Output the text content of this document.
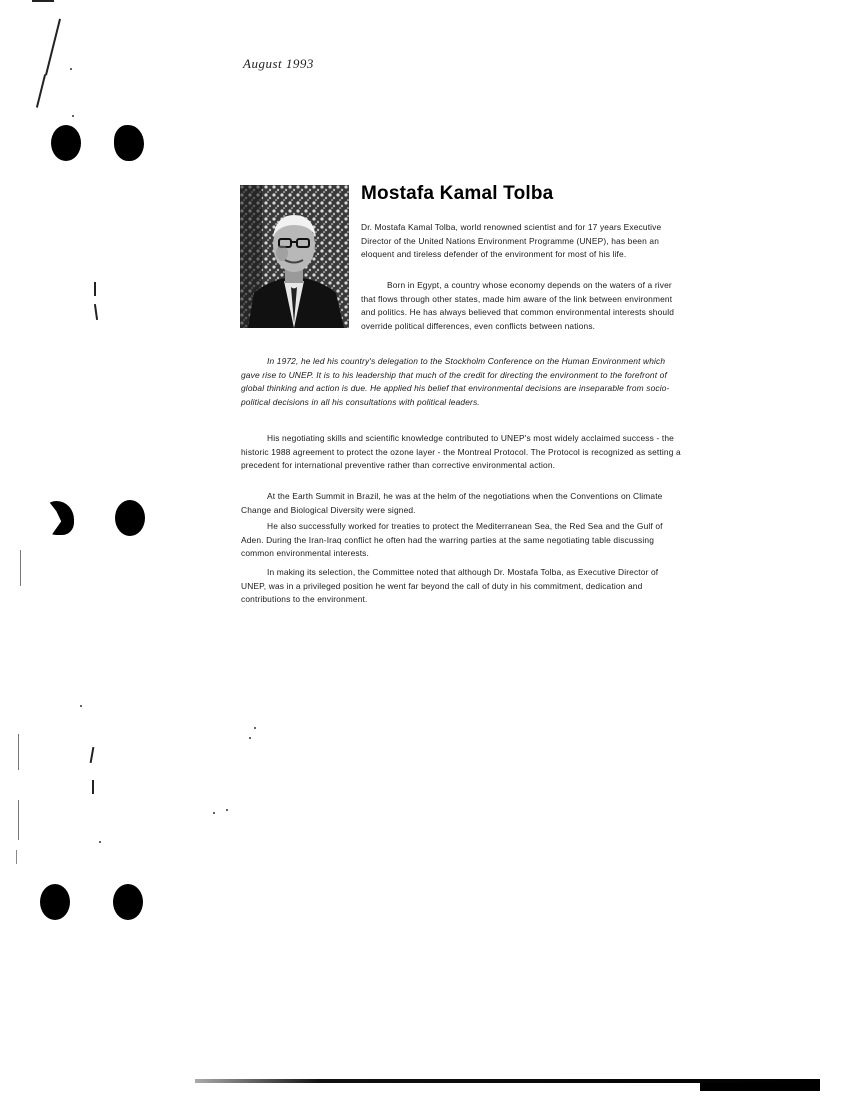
August 1993
Mostafa Kamal Tolba

Dr. Mostafa Kamal Tolba, world renowned scientist and for 17 years Executive Director of the United Nations Environment Programme (UNEP), has been an eloquent and tireless defender of the environment for most of his life.

Born in Egypt, a country whose economy depends on the waters of a river that flows through other states, made him aware of the link between environment and politics. He has always believed that common environmental interests should override political differences, even conflicts between nations.

In 1972, he led his country's delegation to the Stockholm Conference on the Human Environment which gave rise to UNEP. It is to his leadership that much of the credit for directing the environment to the forefront of global thinking and action is due. He applied his belief that environmental decisions are inseparable from socio-political decisions in all his consultations with political leaders.

His negotiating skills and scientific knowledge contributed to UNEP's most widely acclaimed success - the historic 1988 agreement to protect the ozone layer - the Montreal Protocol. The Protocol is recognized as setting a precedent for international preventive rather than corrective environmental action.

At the Earth Summit in Brazil, he was at the helm of the negotiations when the Conventions on Climate Change and Biological Diversity were signed.

He also successfully worked for treaties to protect the Mediterranean Sea, the Red Sea and the Gulf of Aden. During the Iran-Iraq conflict he often had the warring parties at the same negotiating table discussing common environmental interests.

In making its selection, the Committee noted that although Dr. Mostafa Tolba, as Executive Director of UNEP, was in a privileged position he went far beyond the call of duty in his commitment, dedication and contributions to the environment.
